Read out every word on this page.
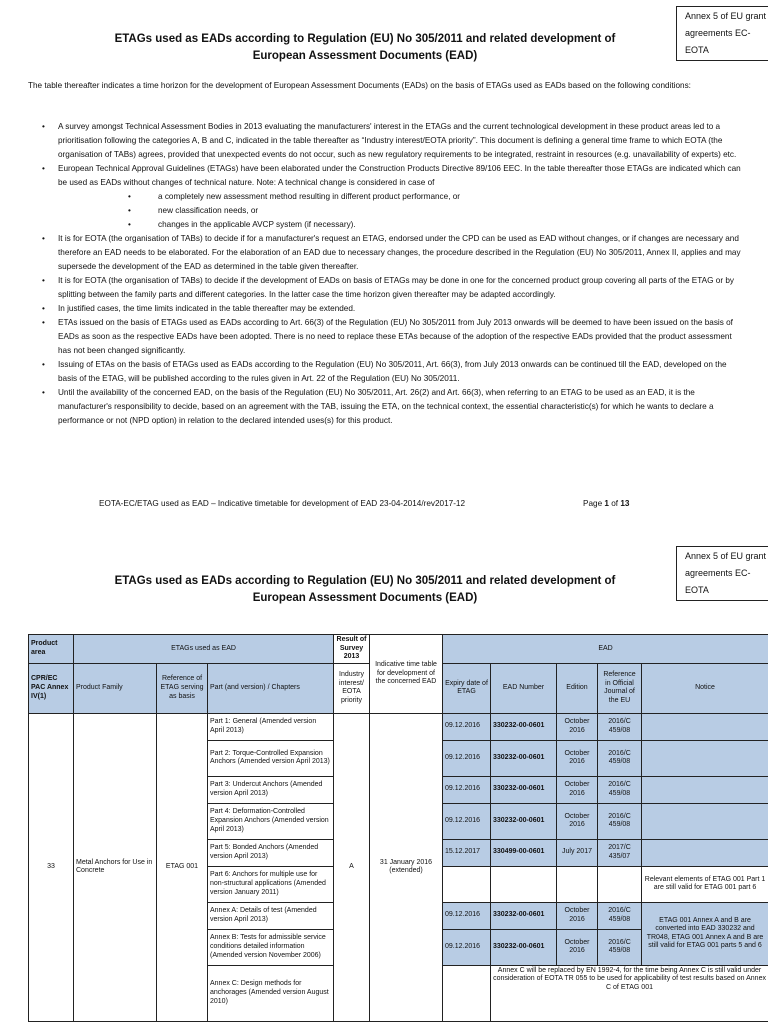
Annex 5 of EU grant agreements EC-EOTA
ETAGs used as EADs according to Regulation (EU) No 305/2011 and related development of
European Assessment Documents (EAD)
The table thereafter indicates a time horizon for the development of European Assessment Documents (EADs) on the basis of ETAGs used as EADs based on the following conditions:
• A survey amongst Technical Assessment Bodies in 2013 evaluating the manufacturers' interest in the ETAGs and the current technological development in these product areas led to a prioritisation following the categories A, B and C, indicated in the table thereafter as “Industry interest/EOTA priority”. This document is defining a general time frame to which EOTA (the organisation of TABs) agrees, provided that unexpected events do not occur, such as new regulatory requirements to be integrated, restraint in resources (e.g. unavailability of experts) etc.
• European Technical Approval Guidelines (ETAGs) have been elaborated under the Construction Products Directive 89/106 EEC. In the table thereafter those ETAGs are indicated which can be used as EADs without changes of technical nature. Note: A technical change is considered in case of
• a completely new assessment method resulting in different product performance, or
• new classification needs, or
• changes in the applicable AVCP system (if necessary).
• It is for EOTA (the organisation of TABs) to decide if for a manufacturer's request an ETAG, endorsed under the CPD can be used as EAD without changes, or if changes are necessary and therefore an EAD needs to be elaborated. For the elaboration of an EAD due to necessary changes, the procedure described in the Regulation (EU) No 305/2011, Annex II, applies and may supersede the development of the EAD as determined in the table given thereafter.
• It is for EOTA (the organisation of TABs) to decide if the development of EADs on basis of ETAGs may be done in one for the concerned product group covering all parts of the ETAG or by splitting between the family parts and different categories. In the latter case the time horizon given thereafter may be adapted accordingly.
• In justified cases, the time limits indicated in the table thereafter may be extended.
• ETAs issued on the basis of ETAGs used as EADs according to Art. 66(3) of the Regulation (EU) No 305/2011 from July 2013 onwards will be deemed to have been issued on the basis of EADs as soon as the respective EADs have been adopted. There is no need to replace these ETAs because of the adoption of the respective EADs provided that the product assessment has not been changed significantly.
• Issuing of ETAs on the basis of ETAGs used as EADs according to the Regulation (EU) No 305/2011, Art. 66(3), from July 2013 onwards can be continued till the EAD, developed on the basis of the ETAG, will be published according to the rules given in Art. 22 of the Regulation (EU) No 305/2011.
• Until the availability of the concerned EAD, on the basis of the Regulation (EU) No 305/2011, Art. 26(2) and Art. 66(3), when referring to an ETAG to be used as an EAD, it is the manufacturer's responsibility to decide, based on an agreement with the TAB, issuing the ETA, on the technical context, the essential characteristic(s) for which he wants to declare a performance or not (NPD option) in relation to the declared intended uses(s) for this product.
EOTA-EC/ETAG used as EAD – Indicative timetable for development of EAD 23-04-2014/rev2017-12	Page 1 of 13
Annex 5 of EU grant agreements EC-EOTA
ETAGs used as EADs according to Regulation (EU) No 305/2011 and related development of
European Assessment Documents (EAD)
Product area	ETAGs used as EAD			Result of Survey 2013	Indicative time table for development of the concerned EAD	EAD				
CPR/EC PAC Annex IV(1)	Product Family	Reference of ETAG serving as basis	Part (and version) / Chapters	Industry interest/ EOTA priority		Expiry date of ETAG	EAD Number	Edition	Reference in Official Journal of the EU	Notice
33	Metal Anchors for Use in Concrete	ETAG 001	Part 1: General (Amended version April 2013)	A	31 January 2016 (extended)	09.12.2016	330232-00-0601	October 2016	2016/C 459/08	
			Part 2: Torque-Controlled Expansion Anchors (Amended version April 2013)			09.12.2016	330232-00-0601	October 2016	2016/C 459/08	
			Part 3: Undercut Anchors (Amended version April 2013)			09.12.2016	330232-00-0601	October 2016	2016/C 459/08	
			Part 4: Deformation-Controlled Expansion Anchors (Amended version April 2013)			09.12.2016	330232-00-0601	October 2016	2016/C 459/08	
			Part 5: Bonded Anchors (Amended version April 2013)			15.12.2017	330499-00-0601	July 2017	2017/C 435/07	
			Part 6: Anchors for multiple use for non-structural applications (Amended version January 2011)							Relevant elements of ETAG 001 Part 1 are still valid for ETAG 001 part 6
			Annex A: Details of test (Amended version April 2013)			09.12.2016	330232-00-0601	October 2016	2016/C 459/08	ETAG 001 Annex A and B are converted into EAD 330232 and TR048, ETAG 001 Annex A and B are still valid for ETAG 001 parts 5 and 6
			Annex B: Tests for admissible service conditions detailed information (Amended version November 2006)			09.12.2016	330232-00-0601	October 2016	2016/C 459/08	
			Annex C: Design methods for anchorages (Amended version August 2010)				Annex C will be replaced by EN 1992-4, for the time being Annex C is still valid under consideration of EOTA TR 055 to be used for applicability of test results based on Annex C of ETAG 001			
